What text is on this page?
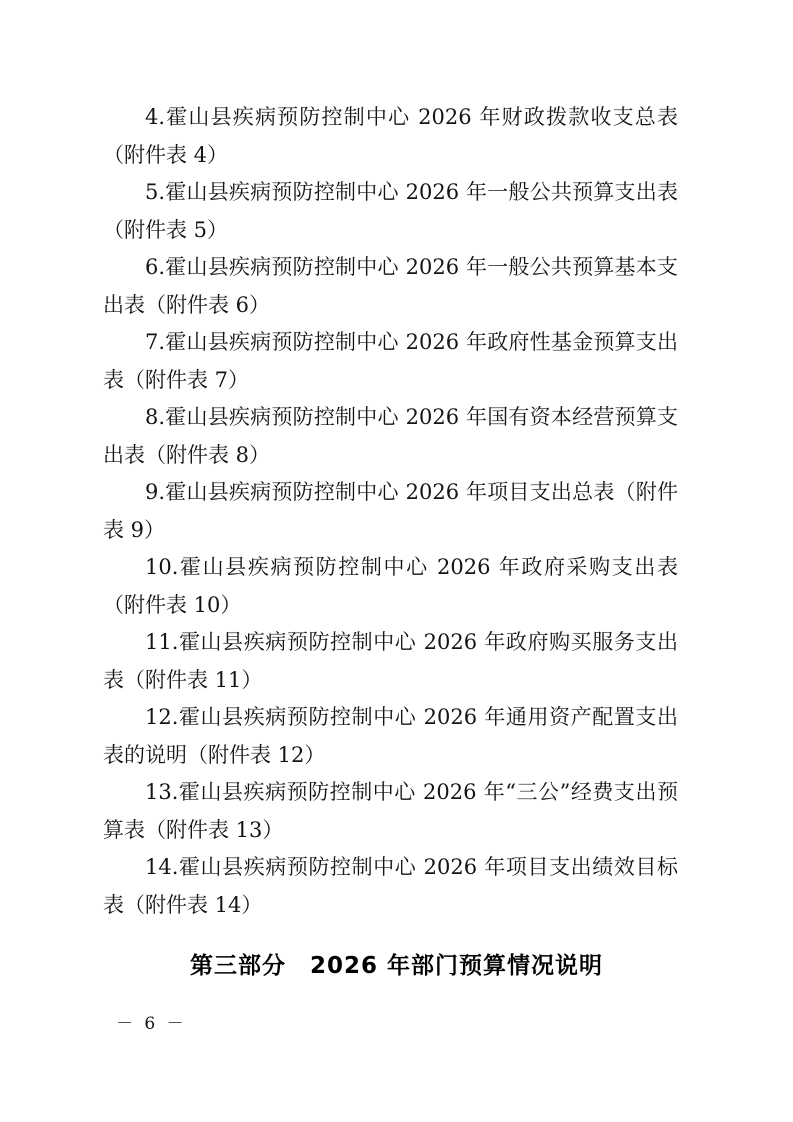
4.霍山县疾病预防控制中心 2026 年财政拨款收支总表（附件表 4）

5.霍山县疾病预防控制中心 2026 年一般公共预算支出表（附件表 5）

6.霍山县疾病预防控制中心 2026 年一般公共预算基本支出表（附件表 6）

7.霍山县疾病预防控制中心 2026 年政府性基金预算支出表（附件表 7）

8.霍山县疾病预防控制中心 2026 年国有资本经营预算支出表（附件表 8）

9.霍山县疾病预防控制中心 2026 年项目支出总表（附件表 9）

10.霍山县疾病预防控制中心 2026 年政府采购支出表（附件表 10）

11.霍山县疾病预防控制中心 2026 年政府购买服务支出表（附件表 11）

12.霍山县疾病预防控制中心 2026 年通用资产配置支出表的说明（附件表 12）

13.霍山县疾病预防控制中心 2026 年“三公”经费支出预算表（附件表 13）

14.霍山县疾病预防控制中心 2026 年项目支出绩效目标表（附件表 14）

第三部分　2026 年部门预算情况说明
－ 6 －
